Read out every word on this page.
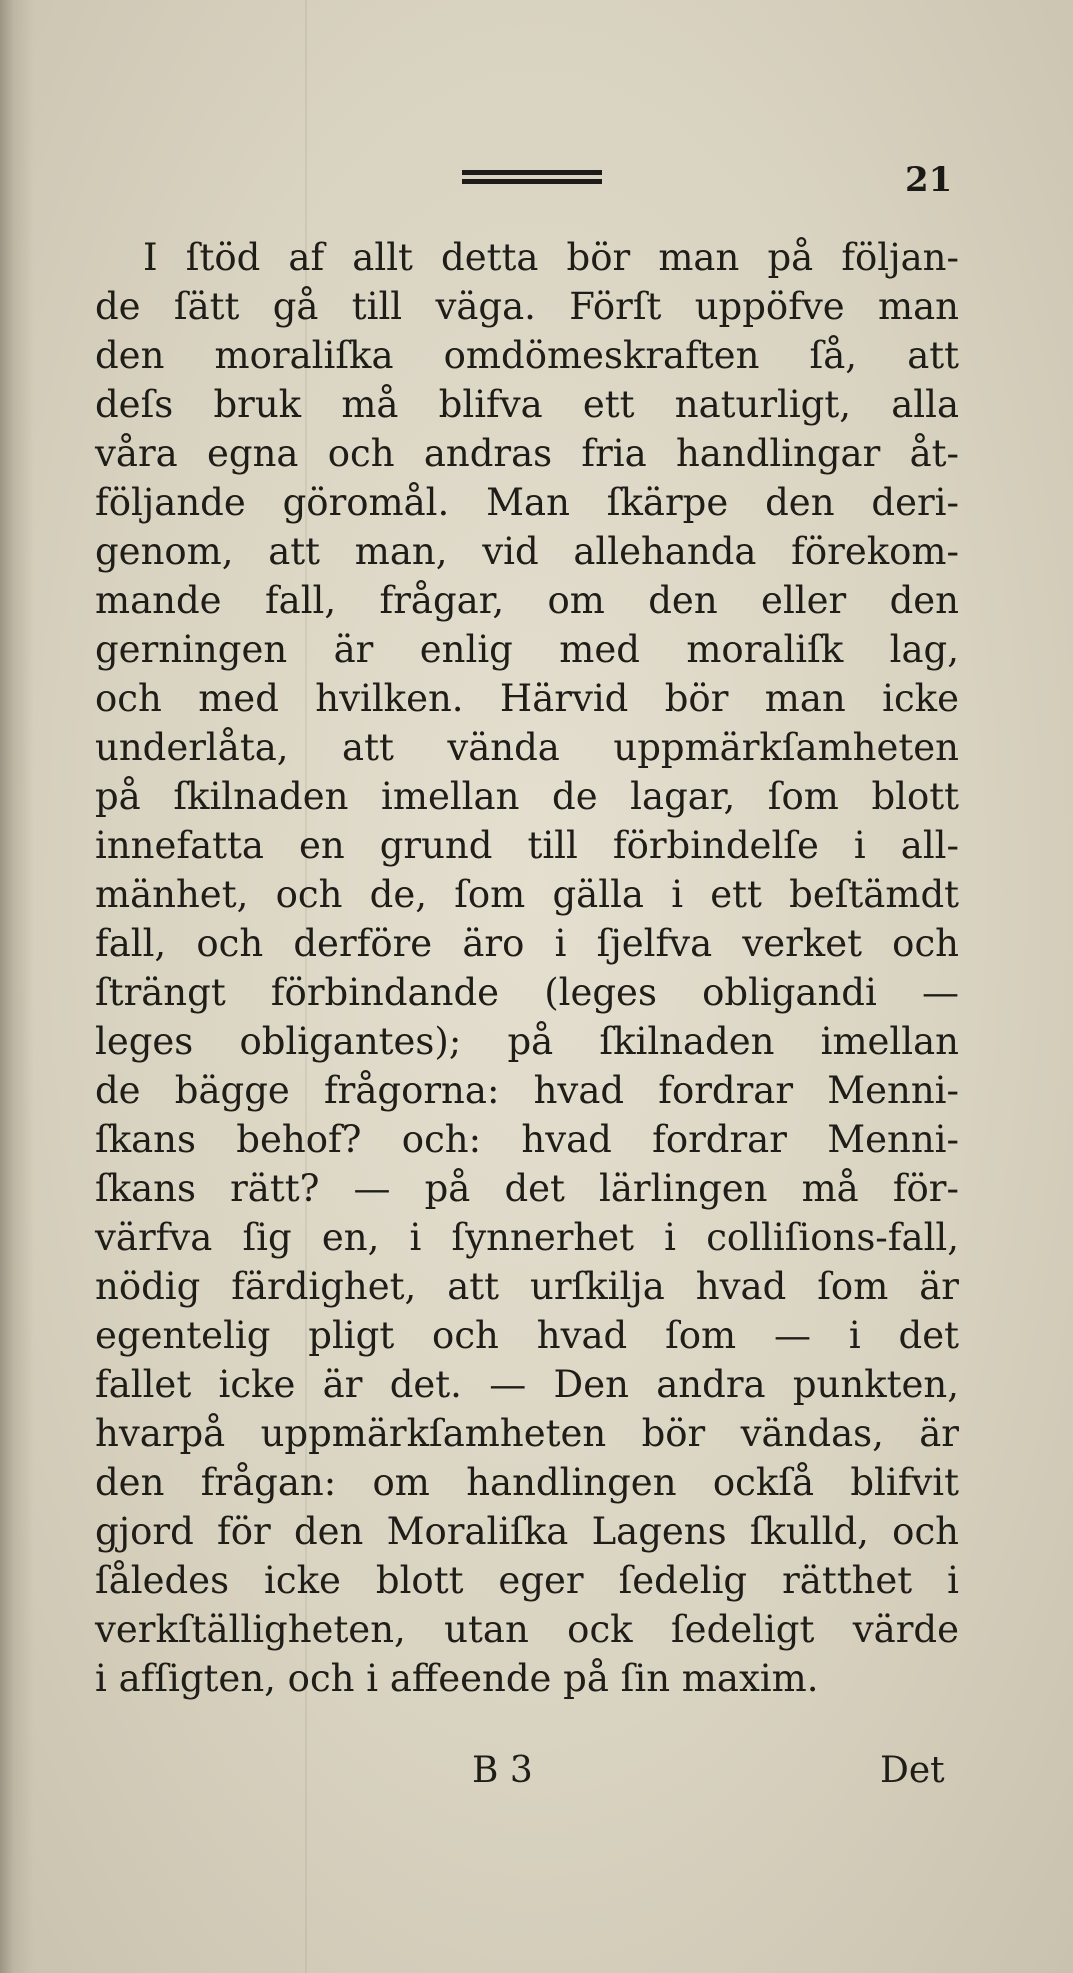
21
I ſtöd af allt detta bör man på följan-
de ſätt gå till väga. Förſt uppöfve man
den moraliſka omdömeskraften ſå, att
deſs bruk må blifva ett naturligt, alla
våra egna och andras fria handlingar åt-
följande göromål. Man ſkärpe den deri-
genom, att man, vid allehanda förekom-
mande fall, frågar, om den eller den
gerningen är enlig med moraliſk lag,
och med hvilken. Härvid bör man icke
underlåta, att vända uppmärkſamheten
på ſkilnaden imellan de lagar, ſom blott
innefatta en grund till förbindelſe i all-
mänhet, och de, ſom gälla i ett beſtämdt
fall, och derföre äro i ſjelfva verket och
ſträngt förbindande (leges obligandi —
leges obligantes); på ſkilnaden imellan
de bägge frågorna: hvad fordrar Menni-
ſkans behof? och: hvad fordrar Menni-
ſkans rätt? — på det lärlingen må för-
värfva ſig en, i ſynnerhet i colliſions-fall,
nödig färdighet, att urſkilja hvad ſom är
egentelig pligt och hvad ſom — i det
fallet icke är det. — Den andra punkten,
hvarpå uppmärkſamheten bör vändas, är
den frågan: om handlingen ockſå blifvit
gjord för den Moraliſka Lagens ſkulld, och
ſåledes icke blott eger ſedelig rätthet i
verkſtälligheten, utan ock ſedeligt värde
i afſigten, och i affeende på ſin maxim.
B 3	Det
